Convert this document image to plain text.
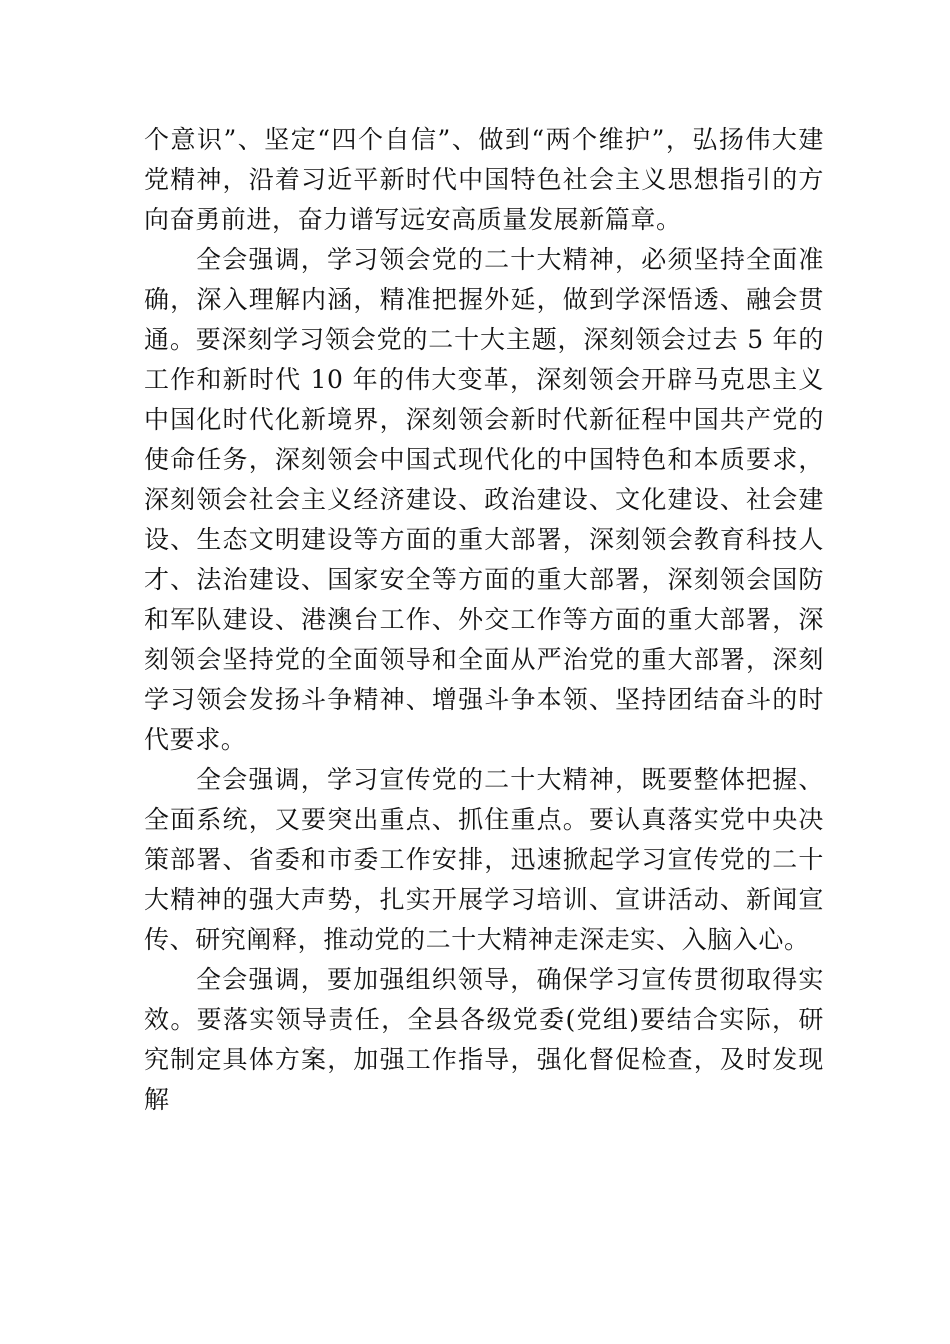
个意识”、坚定“四个自信”、做到“两个维护”，弘扬伟大建党精神，沿着习近平新时代中国特色社会主义思想指引的方向奋勇前进，奋力谱写远安高质量发展新篇章。

全会强调，学习领会党的二十大精神，必须坚持全面准确，深入理解内涵，精准把握外延，做到学深悟透、融会贯通。要深刻学习领会党的二十大主题，深刻领会过去 5 年的工作和新时代 10 年的伟大变革，深刻领会开辟马克思主义中国化时代化新境界，深刻领会新时代新征程中国共产党的使命任务，深刻领会中国式现代化的中国特色和本质要求， 深刻领会社会主义经济建设、政治建设、文化建设、社会建设、生态文明建设等方面的重大部署，深刻领会教育科技人才、法治建设、国家安全等方面的重大部署，深刻领会国防和军队建设、港澳台工作、外交工作等方面的重大部署，深刻领会坚持党的全面领导和全面从严治党的重大部署，深刻学习领会发扬斗争精神、增强斗争本领、坚持团结奋斗的时代要求。

全会强调，学习宣传党的二十大精神，既要整体把握、全面系统，又要突出重点、抓住重点。要认真落实党中央决策部署、省委和市委工作安排，迅速掀起学习宣传党的二十大精神的强大声势，扎实开展学习培训、宣讲活动、新闻宣传、研究阐释，推动党的二十大精神走深走实、入脑入心。

全会强调，要加强组织领导，确保学习宣传贯彻取得实效。要落实领导责任，全县各级党委(党组)要结合实际，研究制定具体方案，加强工作指导，强化督促检查，及时发现解
